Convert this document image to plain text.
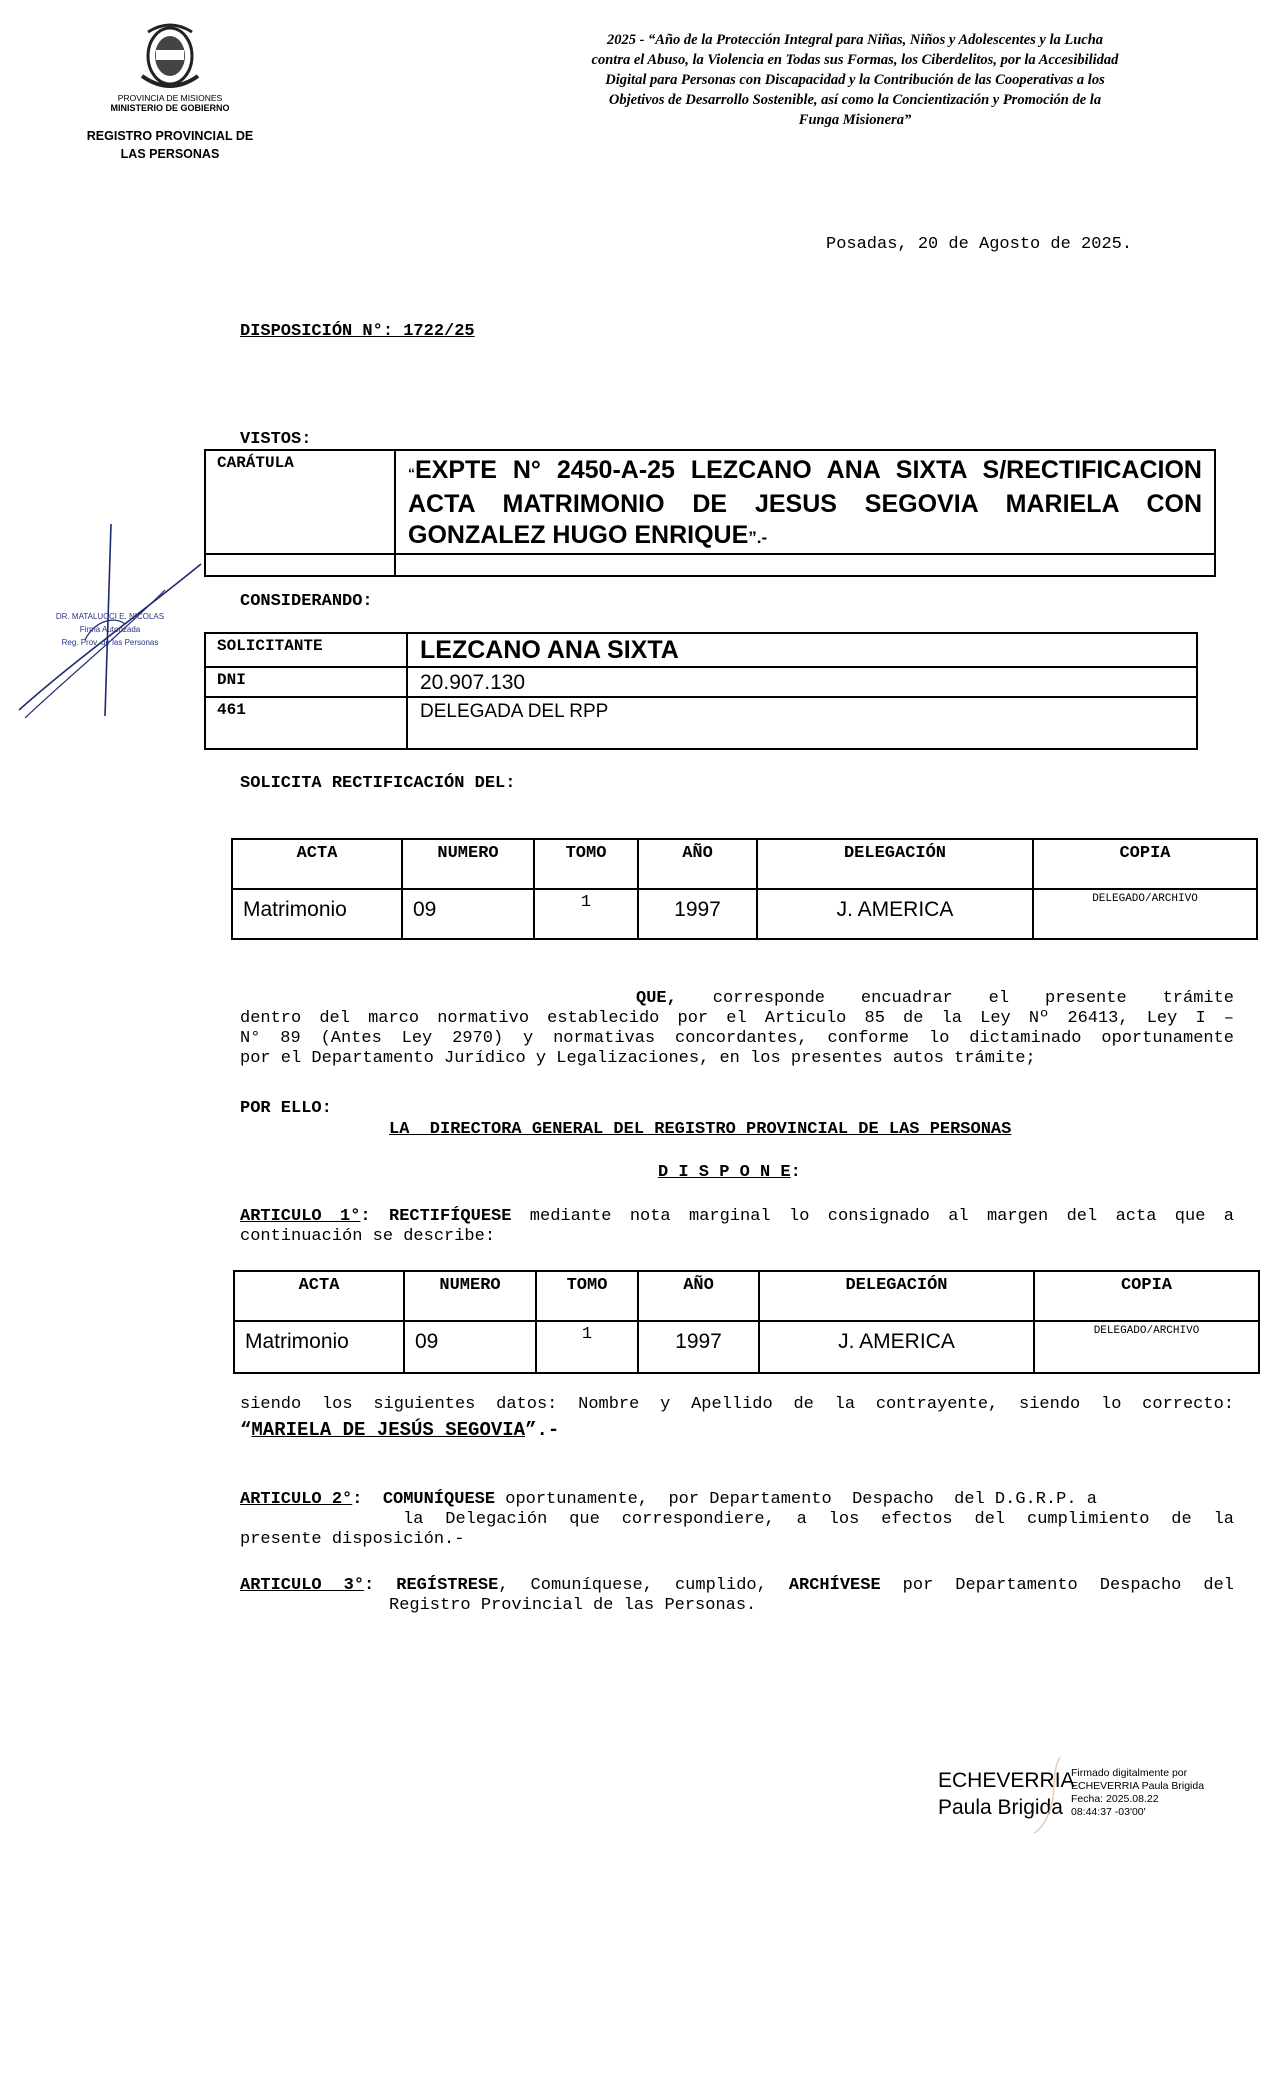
PROVINCIA DE MISIONES
MINISTERIO DE GOBIERNO
REGISTRO PROVINCIAL DE
LAS PERSONAS
2025 - “Año de la Protección Integral para Niñas, Niños y Adolescentes y la Lucha
contra el Abuso, la Violencia en Todas sus Formas, los Ciberdelitos, por la Accesibilidad
Digital para Personas con Discapacidad y la Contribución de las Cooperativas a los
Objetivos de Desarrollo Sostenible, así como la Concientización y Promoción de la
Funga Misionera”
Posadas, 20 de Agosto de 2025.
DISPOSICIÓN N°: 1722/25
VISTOS:
CARÁTULA	“EXPTE N° 2450-A-25 LEZCANO ANA SIXTA S/RECTIFICACION
ACTA MATRIMONIO DE JESUS SEGOVIA MARIELA CON
GONZALEZ HUGO ENRIQUE”.-

DR. MATALUCCI E. NICOLAS
Firma Autorizada
Reg. Prov. de las Personas
CONSIDERANDO:
SOLICITANTE	LEZCANO ANA SIXTA

DNI	20.907.130

461	DELEGADA DEL RPP
SOLICITA RECTIFICACIÓN DEL:
ACTA	NUMERO	TOMO	AÑO	DELEGACIÓN	COPIA

Matrimonio	09	1	1997	J. AMERICA	DELEGADO/ARCHIVO
QUE, corresponde encuadrar el presente trámite
dentro del marco normativo establecido por el Articulo 85 de la Ley Nº 26413, Ley I –
N° 89 (Antes Ley 2970) y normativas concordantes, conforme lo dictaminado oportunamente
por el Departamento Jurídico y Legalizaciones, en los presentes autos trámite;
POR ELLO:
LA  DIRECTORA GENERAL DEL REGISTRO PROVINCIAL DE LAS PERSONAS
D I S P O N E:
ARTICULO 1°: RECTIFÍQUESE mediante nota marginal lo consignado al margen del acta que a
continuación se describe:
ACTA	NUMERO	TOMO	AÑO	DELEGACIÓN	COPIA

Matrimonio	09	1	1997	J. AMERICA	DELEGADO/ARCHIVO
siendo los siguientes datos: Nombre y Apellido de la contrayente, siendo lo correcto:
“MARIELA DE JESÚS SEGOVIA”.-
ARTICULO 2°: COMUNÍQUESE oportunamente,  por Departamento  Despacho  del D.G.R.P. a
la Delegación que correspondiere, a los efectos del cumplimiento de la
presente disposición.-
ARTICULO 3°: REGÍSTRESE, Comuníquese, cumplido, ARCHÍVESE por Departamento Despacho del
Registro Provincial de las Personas.
ECHEVERRIA
Paula Brigida
Firmado digitalmente por
ECHEVERRIA Paula Brigida
Fecha: 2025.08.22
08:44:37 -03'00'
